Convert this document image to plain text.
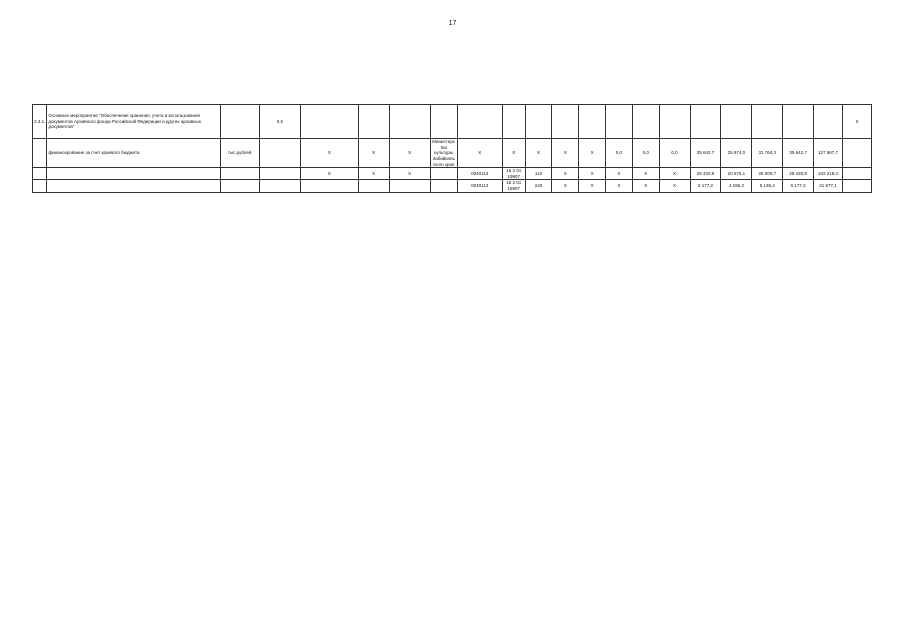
17
2.3.1.	Основное мероприятие "Обеспечение хранения, учета и использования документов Архивного фонда Российской Федерации и других архивных документов"		0,6																		Х
	финансирование за счет краевого бюджета	тыс.рублей		Х	Х	Х	Министерство культуры Забайкальского края	Х	Х	Х	Х	Х	0,0	0,0	0,0	35 642,7	25 974,0	31 764,3	35 642,7	127 667,7	
				Х	Х	Х		0040113	15 2 01 19907	110	Х	Х	Х	Х	Х	28 420,8	20 576,1	26 000,7	28 420,8	102 218,4	
								0040113	15 2 01 19907	240	Х	Х	Х	Х	Х	6 177,2	4 186,3	5 138,4	6 177,2	21 677,1	
